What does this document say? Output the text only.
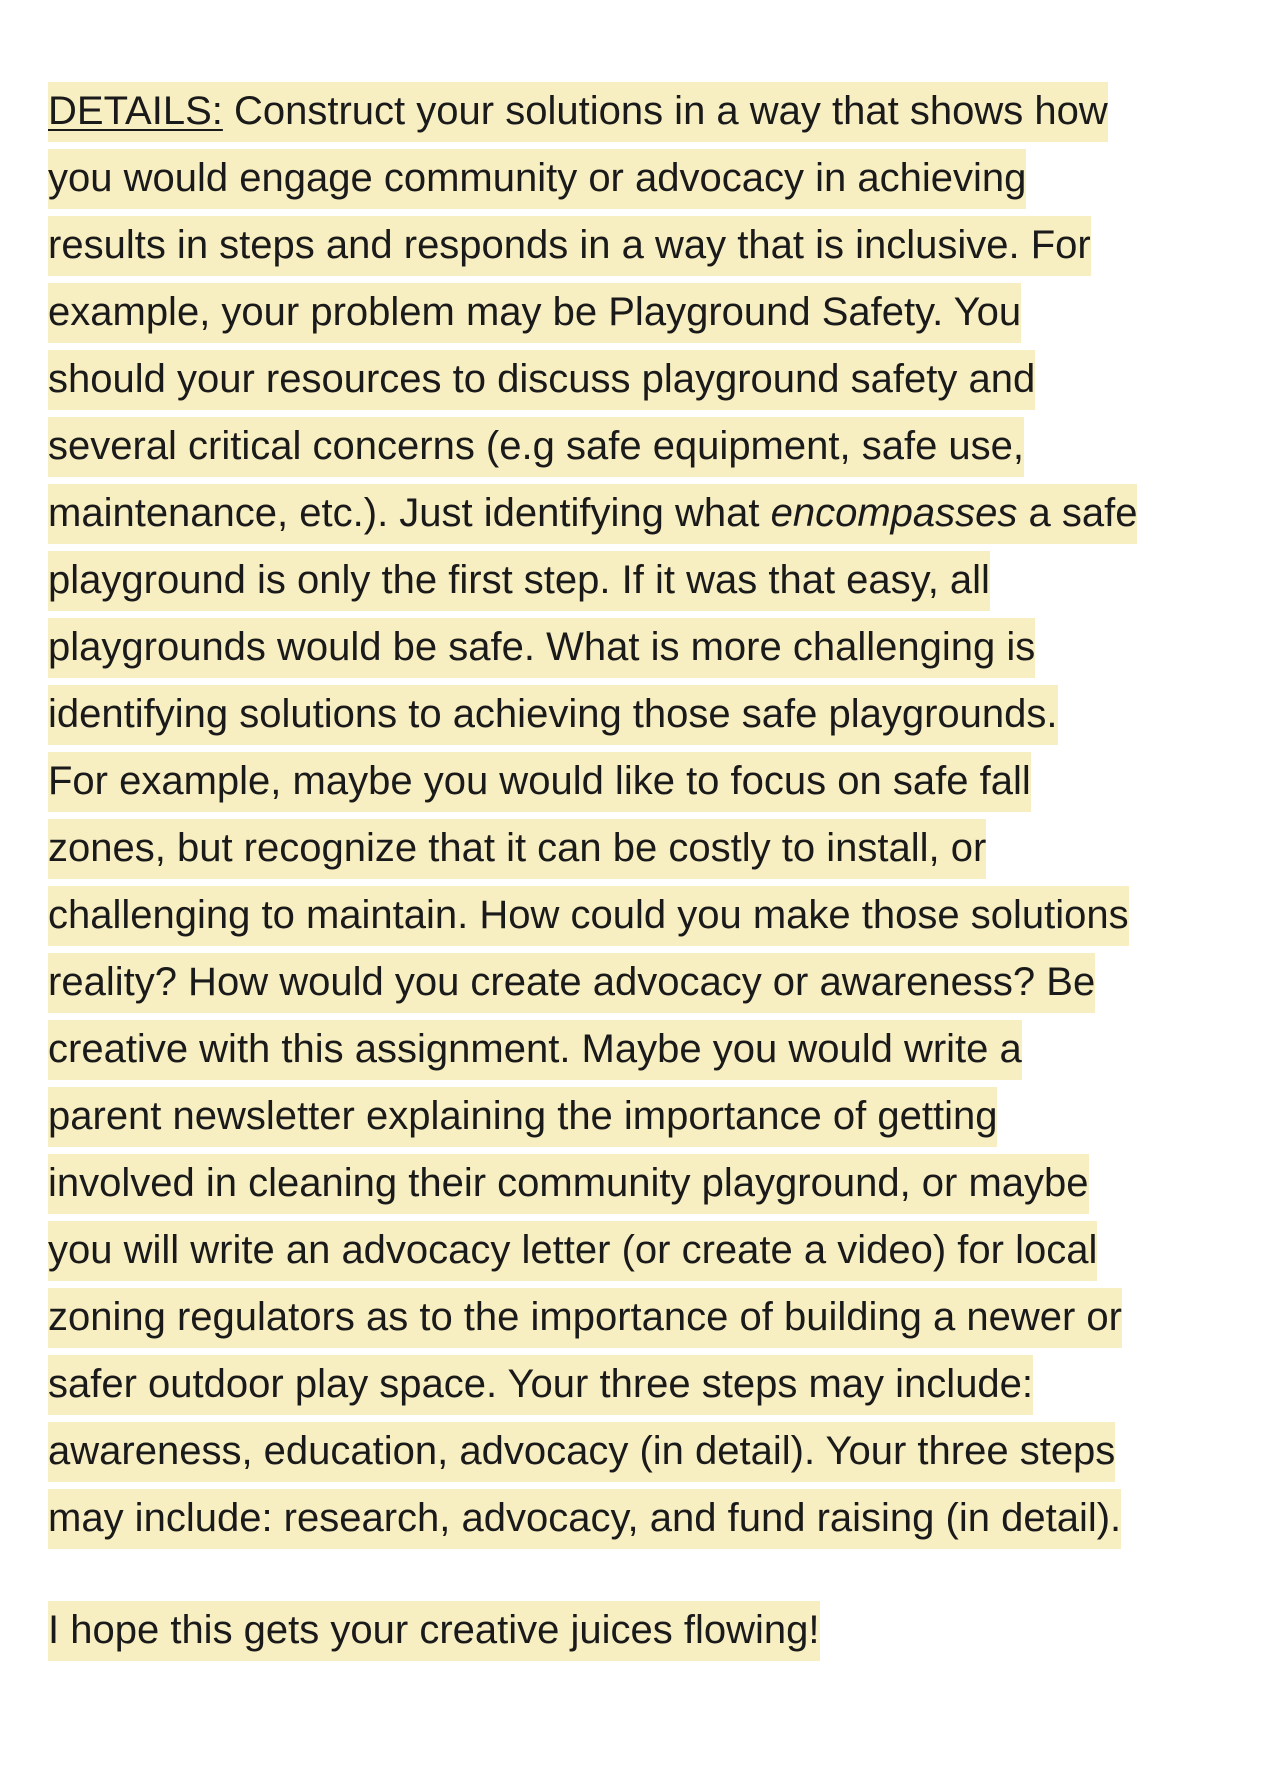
DETAILS: Construct your solutions in a way that shows how
you would engage community or advocacy in achieving
results in steps and responds in a way that is inclusive. For
example, your problem may be Playground Safety. You
should your resources to discuss playground safety and
several critical concerns (e.g safe equipment, safe use,
maintenance, etc.). Just identifying what encompasses a safe
playground is only the first step. If it was that easy, all
playgrounds would be safe. What is more challenging is
identifying solutions to achieving those safe playgrounds.
For example, maybe you would like to focus on safe fall
zones, but recognize that it can be costly to install, or
challenging to maintain. How could you make those solutions
reality? How would you create advocacy or awareness? Be
creative with this assignment. Maybe you would write a
parent newsletter explaining the importance of getting
involved in cleaning their community playground, or maybe
you will write an advocacy letter (or create a video) for local
zoning regulators as to the importance of building a newer or
safer outdoor play space. Your three steps may include:
awareness, education, advocacy (in detail). Your three steps
may include: research, advocacy, and fund raising (in detail).
I hope this gets your creative juices flowing!
